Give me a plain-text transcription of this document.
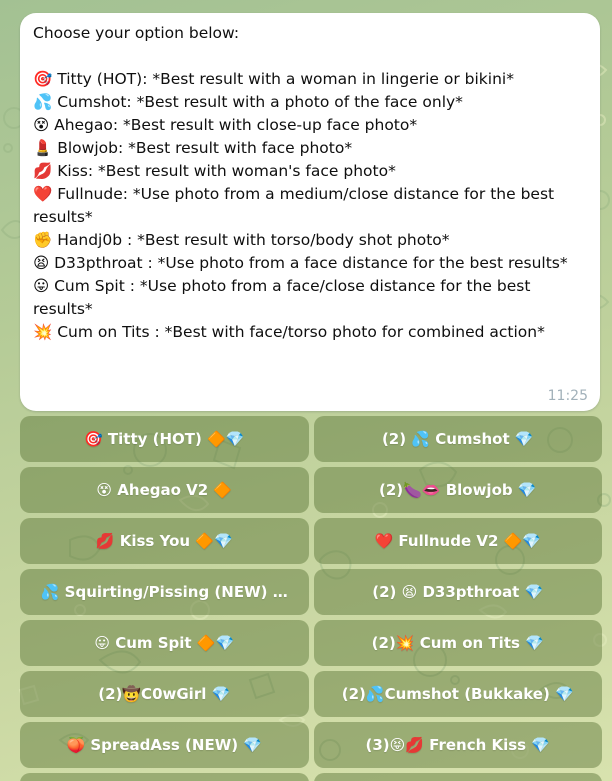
Choose your option below:
🎯 Titty (HOT): *Best result with a woman in lingerie or bikini*
💦 Cumshot: *Best result with a photo of the face only*
😵 Ahegao: *Best result with close-up face photo*
💄 Blowjob: *Best result with face photo*
💋 Kiss: *Best result with woman's face photo*
❤️ Fullnude: *Use photo from a medium/close distance for the best results*
✊ Handj0b : *Best result with torso/body shot photo*
😫 D33pthroat : *Use photo from a face distance for the best results*
😛 Cum Spit : *Use photo from a face/close distance for the best results*
💥 Cum on Tits : *Best with face/torso photo for combined action*
11:25
🎯 Titty (HOT) 🔶💎	(2) 💦 Cumshot 💎
😵 Ahegao V2 🔶	(2)🍆👄 Blowjob 💎
💋 Kiss You 🔶💎	❤️ Fullnude V2 🔶💎
💦 Squirting/Pissing (NEW) …	(2) 😫 D33pthroat 💎
😛 Cum Spit 🔶💎	(2)💥 Cum on Tits 💎
(2)🤠C0wGirl 💎	(2)💦Cumshot (Bukkake) 💎
🍑 SpreadAss (NEW) 💎	(3)😝💋 French Kiss 💎
